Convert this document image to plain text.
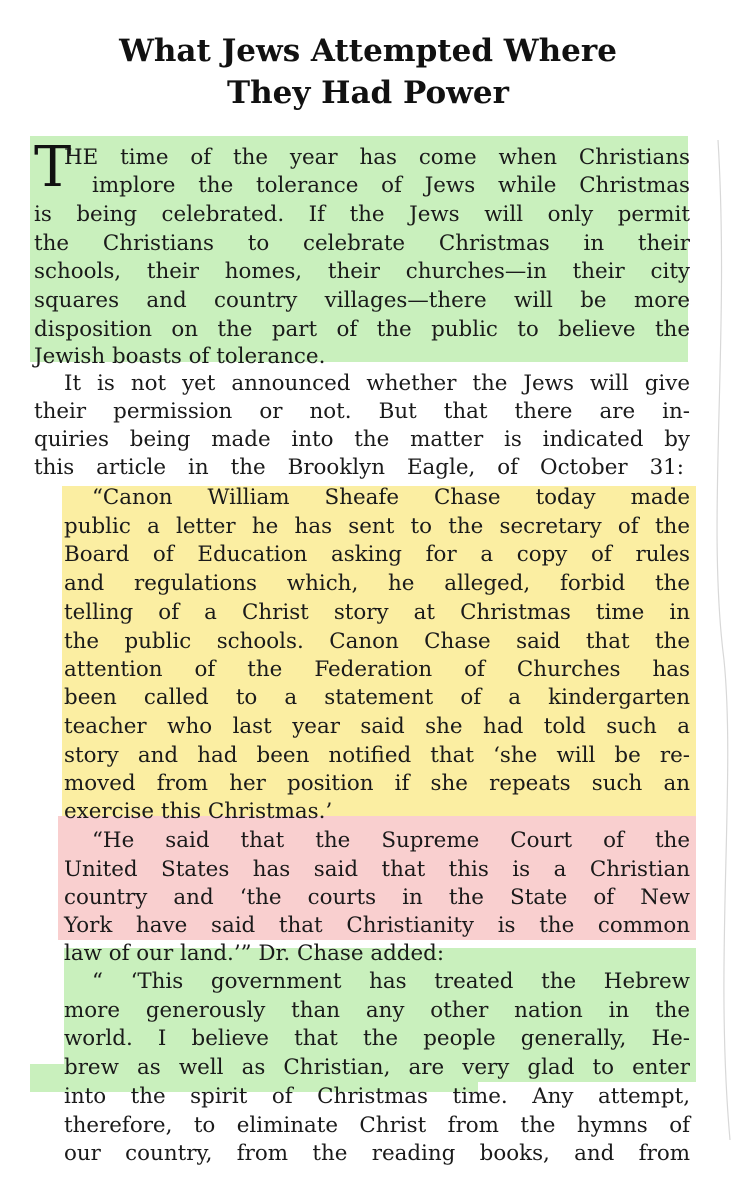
What Jews Attempted Where
They Had Power
T
HE time of the year has come when Christians
implore the tolerance of Jews while Christmas
is being celebrated. If the Jews will only permit
the Christians to celebrate Christmas in their
schools, their homes, their churches—in their city
squares and country villages—there will be more
disposition on the part of the public to believe the
Jewish boasts of tolerance.
It is not yet announced whether the Jews will give
their permission or not. But that there are in-
quiries being made into the matter is indicated by
this article in the Brooklyn Eagle, of October 31:
“Canon William Sheafe Chase today made
public a letter he has sent to the secretary of the
Board of Education asking for a copy of rules
and regulations which, he alleged, forbid the
telling of a Christ story at Christmas time in
the public schools. Canon Chase said that the
attention of the Federation of Churches has
been called to a statement of a kindergarten
teacher who last year said she had told such a
story and had been notified that ‘she will be re-
moved from her position if she repeats such an
exercise this Christmas.’
“He said that the Supreme Court of the
United States has said that this is a Christian
country and ‘the courts in the State of New
York have said that Christianity is the common
law of our land.’” Dr. Chase added:
“ ‘This government has treated the Hebrew
more generously than any other nation in the
world. I believe that the people generally, He-
brew as well as Christian, are very glad to enter
into the spirit of Christmas time. Any attempt,
therefore, to eliminate Christ from the hymns of
our country, from the reading books, and from
